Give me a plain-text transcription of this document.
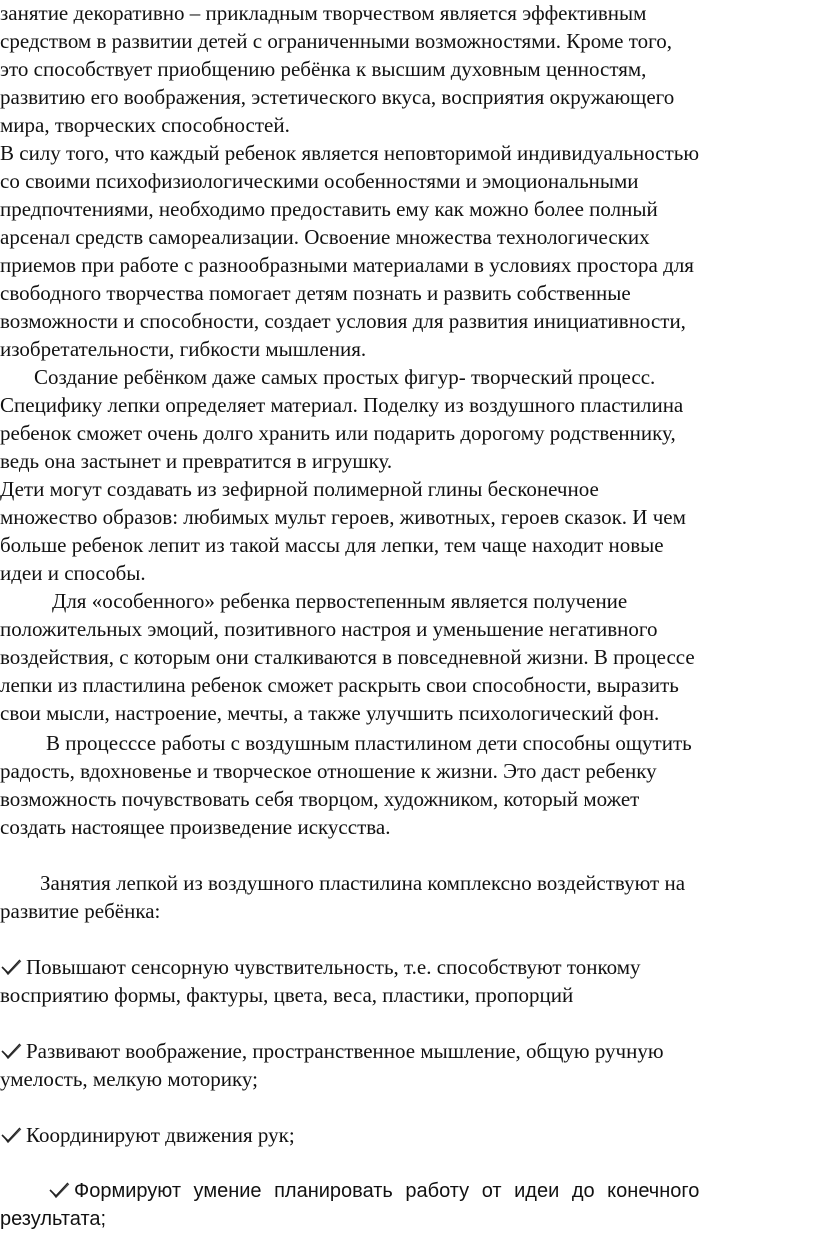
занятие декоративно – прикладным творчеством является эффективным
средством в развитии детей с ограниченными возможностями. Кроме того,
это способствует приобщению ребёнка к высшим духовным ценностям,
развитию его воображения, эстетического вкуса, восприятия окружающего
мира, творческих способностей.
В силу того, что каждый ребенок является неповторимой индивидуальностью
со своими психофизиологическими особенностями и эмоциональными
предпочтениями, необходимо предоставить ему как можно более полный
арсенал средств самореализации. Освоение множества технологических
приемов при работе с разнообразными материалами в условиях простора для
свободного творчества помогает детям познать и развить собственные
возможности и способности, создает условия для развития инициативности,
изобретательности, гибкости мышления.
Создание ребёнком даже самых простых фигур- творческий процесс.
Специфику лепки определяет материал. Поделку из воздушного пластилина
ребенок сможет очень долго хранить или подарить дорогому родственнику,
ведь она застынет и превратится в игрушку.
Дети могут создавать из зефирной полимерной глины бесконечное
множество образов: любимых мульт героев, животных, героев сказок. И чем
больше ребенок лепит из такой массы для лепки, тем чаще находит новые
идеи и способы.
Для «особенного» ребенка первостепенным является получение
положительных эмоций, позитивного настроя и уменьшение негативного
воздействия, с которым они сталкиваются в повседневной жизни. В процессе
лепки из пластилина ребенок сможет раскрыть свои способности, выразить
свои мысли, настроение, мечты, а также улучшить психологический фон.
В процесссе работы с воздушным пластилином дети способны ощутить
радость, вдохновенье и творческое отношение к жизни. Это даст ребенку
возможность почувствовать себя творцом, художником, который может
создать настоящее произведение искусства.
Занятия лепкой из воздушного пластилина комплексно воздействуют на
развитие ребёнка:
Повышают сенсорную чувствительность, т.е. способствуют тонкому
восприятию формы, фактуры, цвета, веса, пластики, пропорций
Развивают воображение, пространственное мышление, общую ручную
умелость, мелкую моторику;
Координируют движения рук;
Формируют умение планировать работу от идеи до конечного
результата;
